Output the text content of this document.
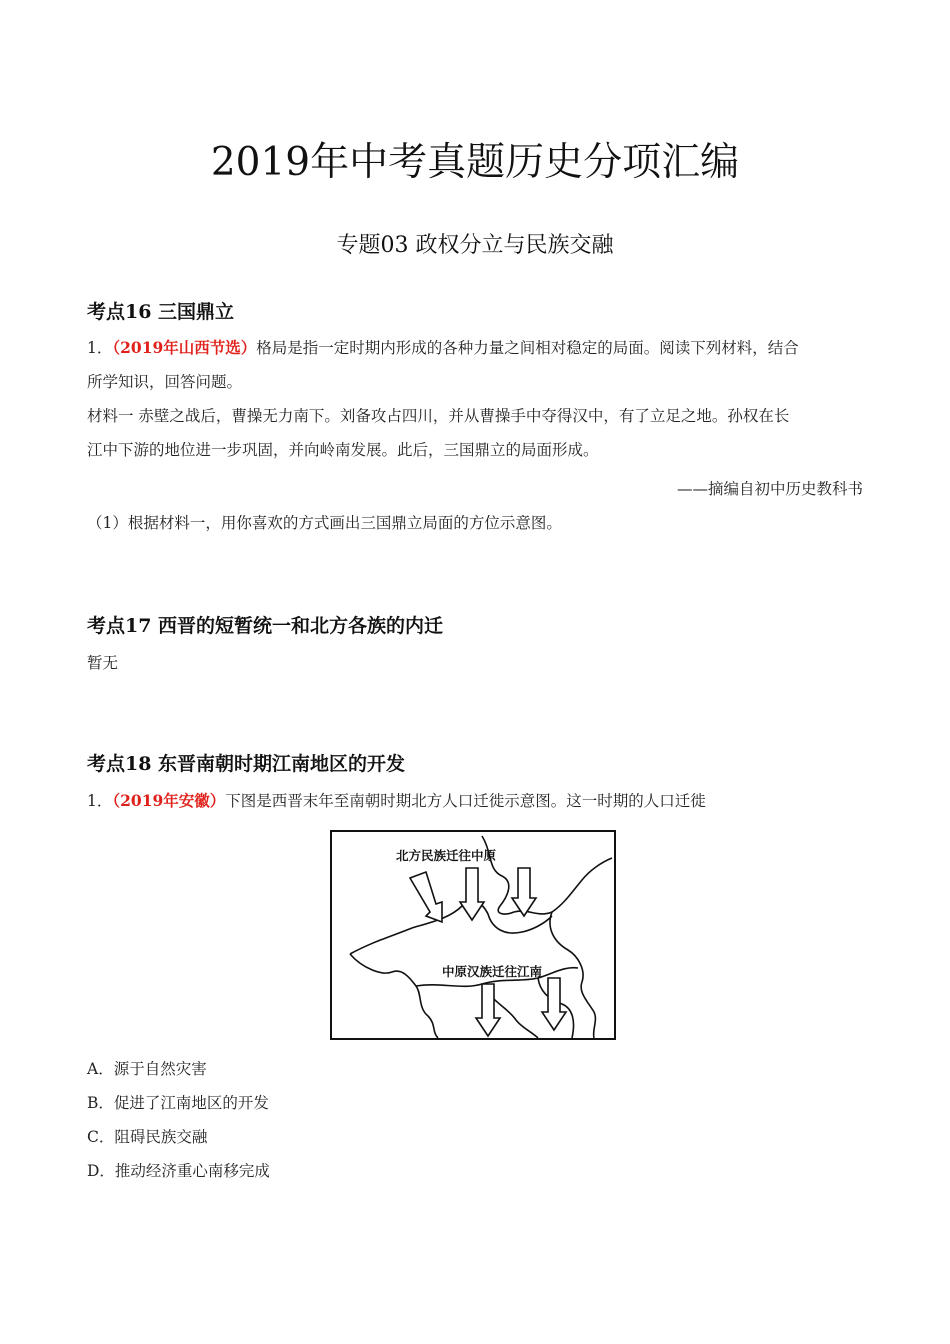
2019年中考真题历史分项汇编
专题03 政权分立与民族交融
考点16 三国鼎立
1．（2019年山西节选）格局是指一定时期内形成的各种力量之间相对稳定的局面。阅读下列材料，结合
所学知识，回答问题。
材料一 赤壁之战后，曹操无力南下。刘备攻占四川，并从曹操手中夺得汉中，有了立足之地。孙权在长
江中下游的地位进一步巩固，并向岭南发展。此后，三国鼎立的局面形成。
——摘编自初中历史教科书
（1）根据材料一，用你喜欢的方式画出三国鼎立局面的方位示意图。
考点17 西晋的短暂统一和北方各族的内迁
暂无
考点18 东晋南朝时期江南地区的开发
1．（2019年安徽）下图是西晋末年至南朝时期北方人口迁徙示意图。这一时期的人口迁徙
北方民族迁往中原
中原汉族迁往江南
A．源于自然灾害
B．促进了江南地区的开发
C．阻碍民族交融
D．推动经济重心南移完成
